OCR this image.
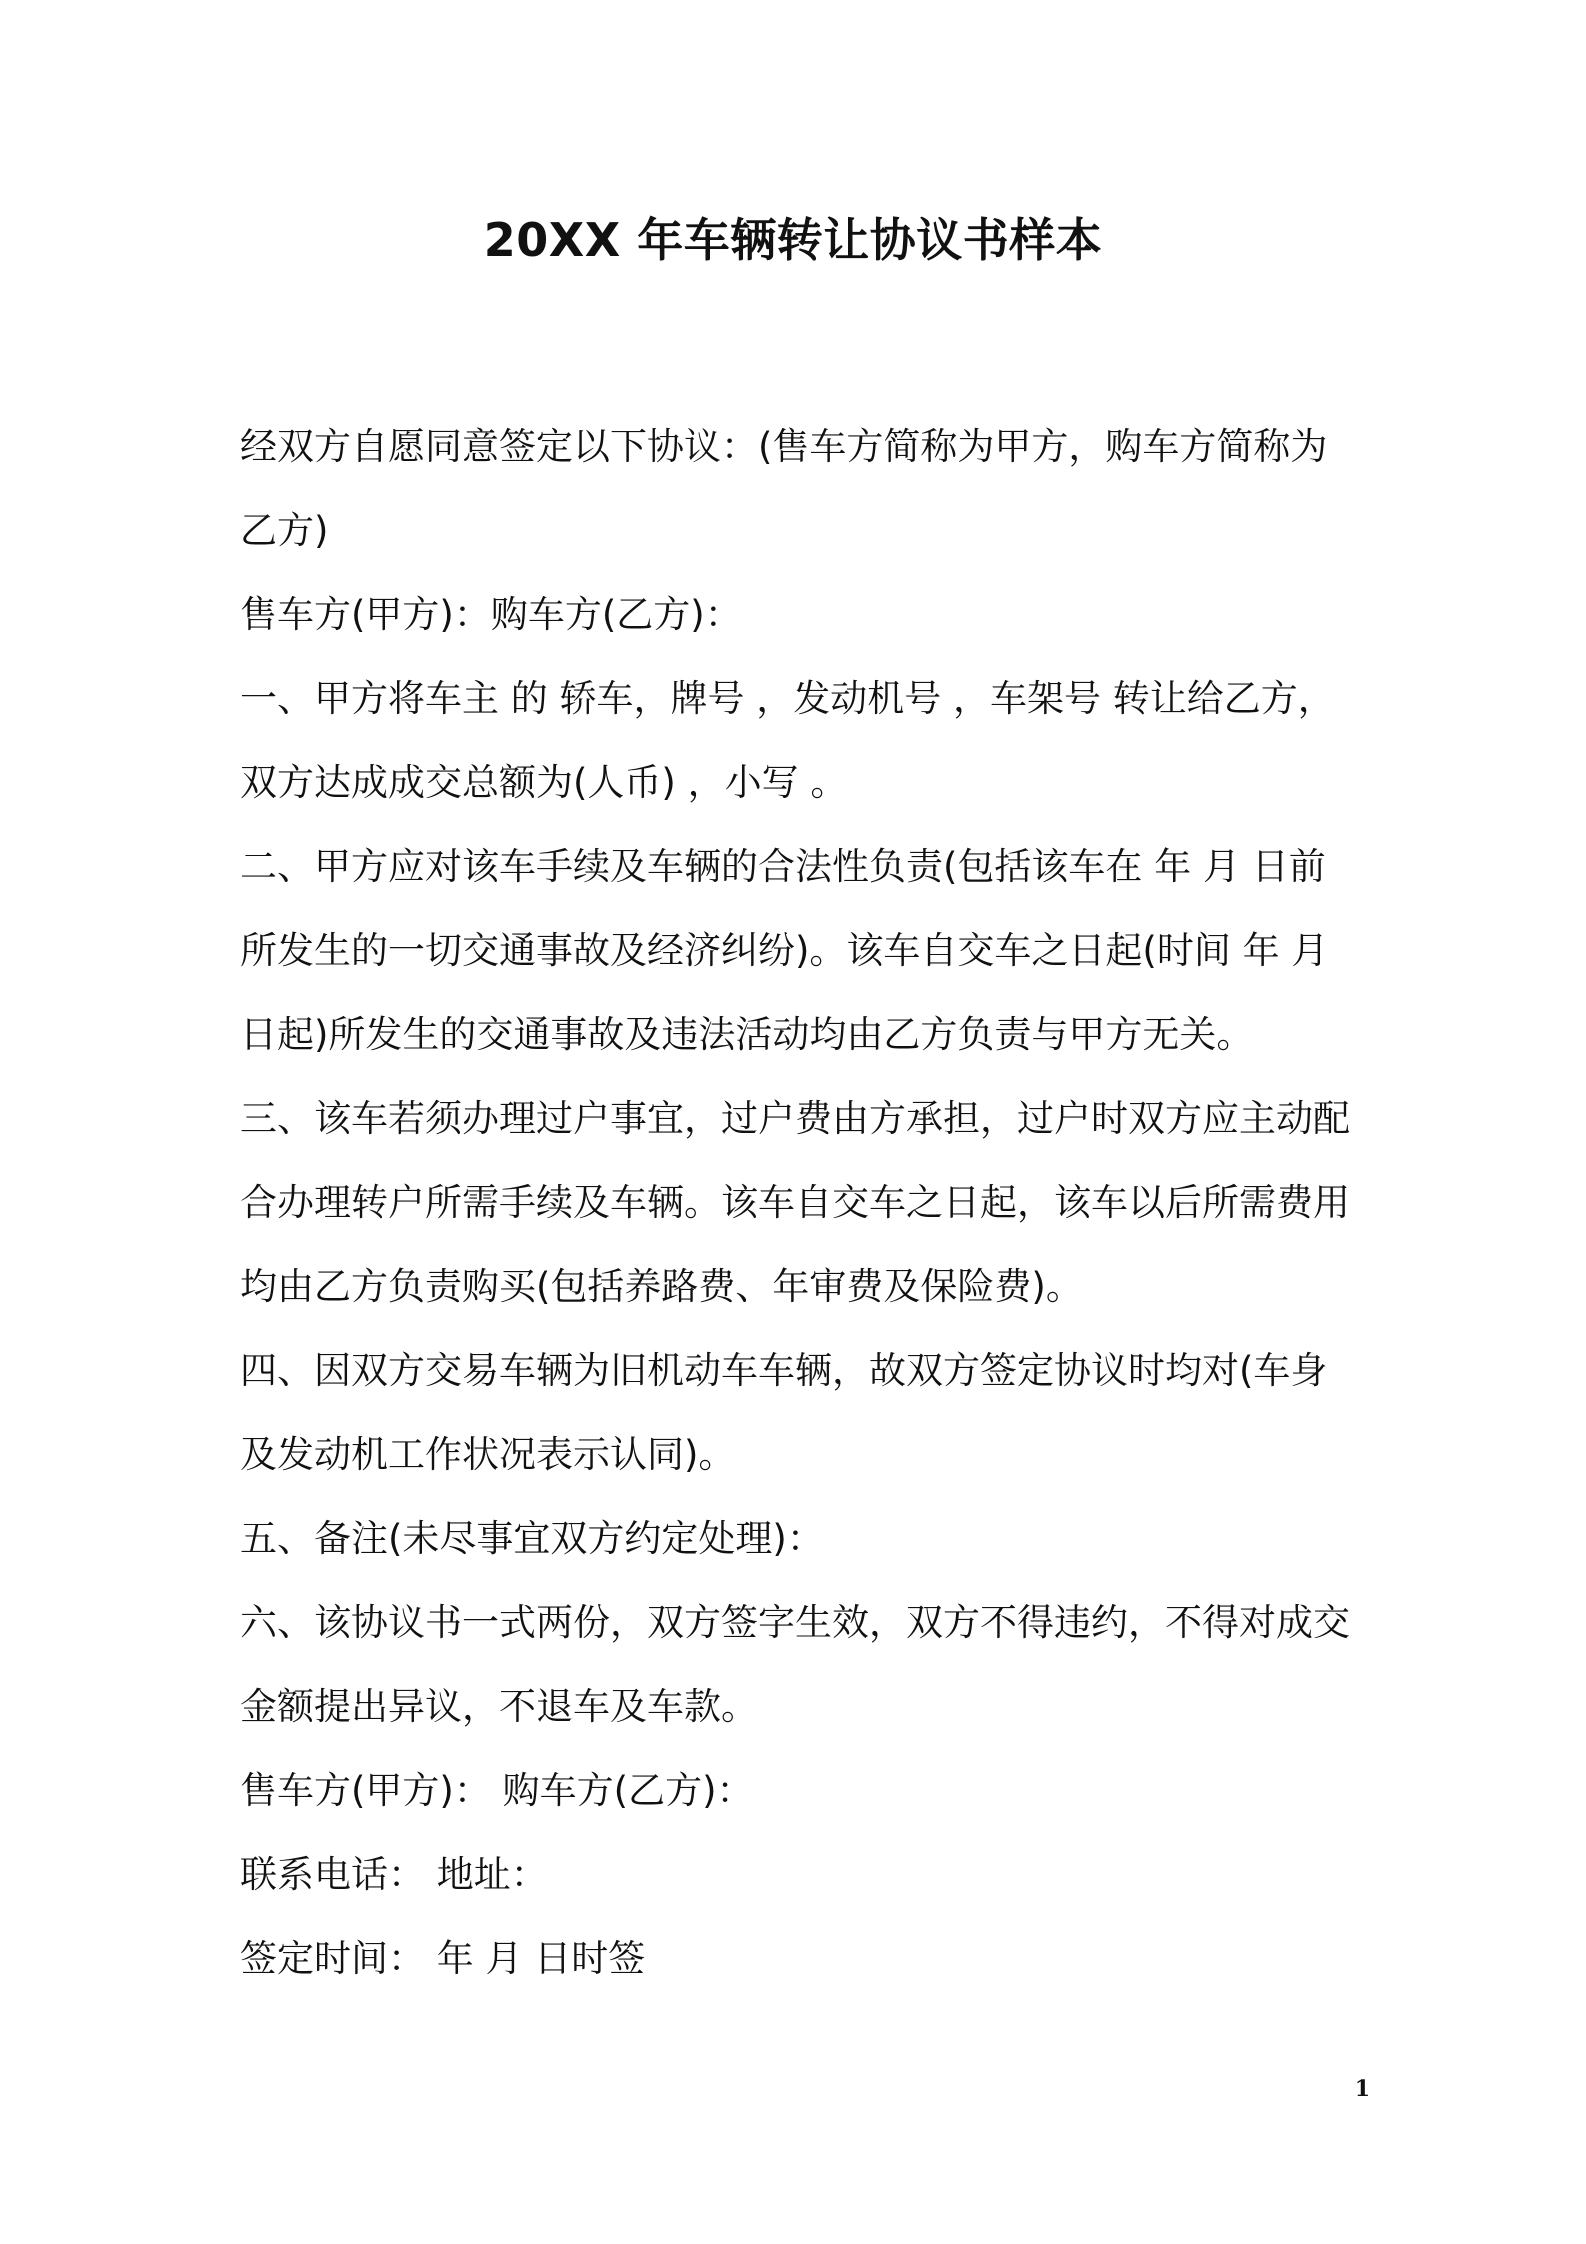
20XX 年车辆转让协议书样本

经双方自愿同意签定以下协议：(售车方简称为甲方，购车方简称为

乙方)

售车方(甲方)：购车方(乙方)：

一、甲方将车主 的 轿车，牌号 ，发动机号 ，车架号 转让给乙方，

双方达成成交总额为(人币) ，小写 。

二、甲方应对该车手续及车辆的合法性负责(包括该车在 年 月 日前

所发生的一切交通事故及经济纠纷)。该车自交车之日起(时间 年 月

日起)所发生的交通事故及违法活动均由乙方负责与甲方无关。

三、该车若须办理过户事宜，过户费由方承担，过户时双方应主动配

合办理转户所需手续及车辆。该车自交车之日起，该车以后所需费用

均由乙方负责购买(包括养路费、年审费及保险费)。

四、因双方交易车辆为旧机动车车辆，故双方签定协议时均对(车身

及发动机工作状况表示认同)。

五、备注(未尽事宜双方约定处理)：

六、该协议书一式两份，双方签字生效，双方不得违约，不得对成交

金额提出异议，不退车及车款。

售车方(甲方)： 购车方(乙方)：

联系电话： 地址：

签定时间： 年 月 日时签

1
